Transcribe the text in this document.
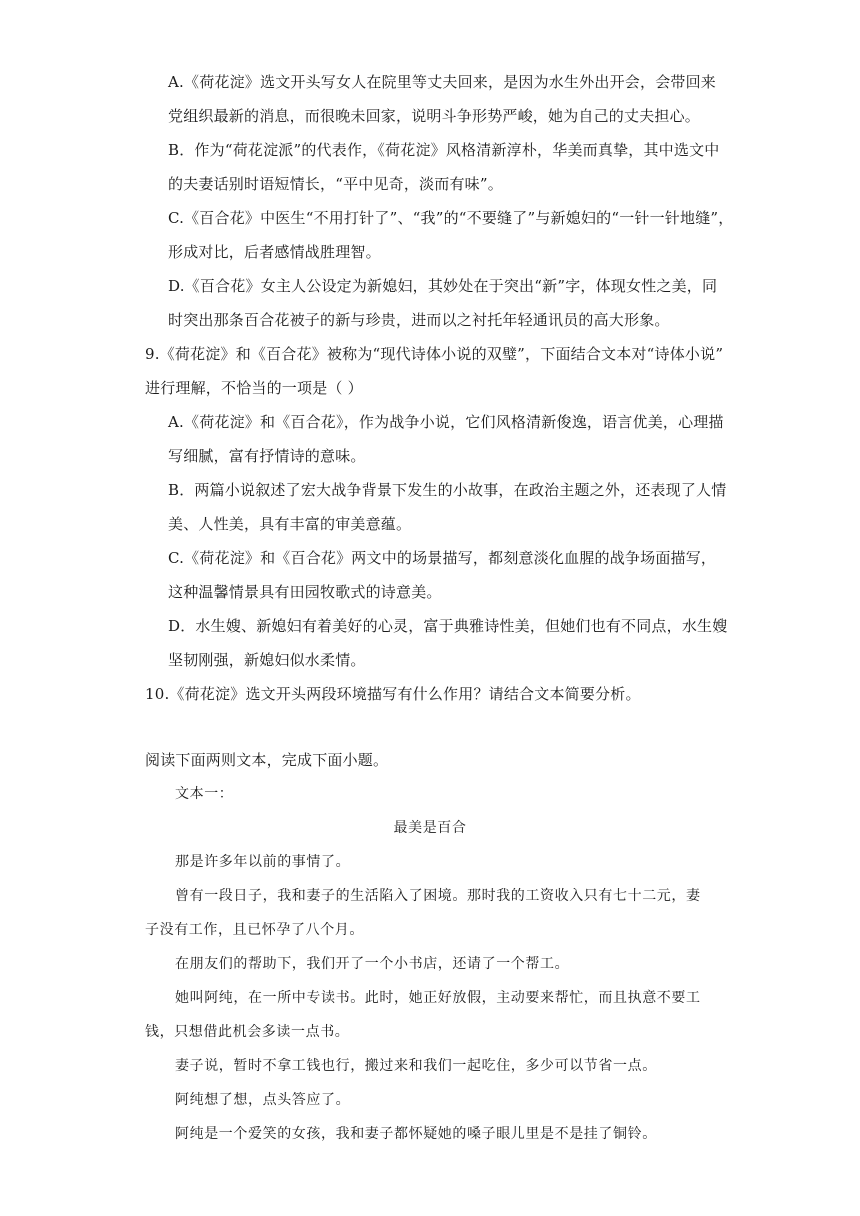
A.《荷花淀》选文开头写女人在院里等丈夫回来，是因为水生外出开会，会带回来
党组织最新的消息，而很晚未回家，说明斗争形势严峻，她为自己的丈夫担心。
B．作为“荷花淀派”的代表作，《荷花淀》风格清新淳朴，华美而真挚，其中选文中
的夫妻话别时语短情长，“平中见奇，淡而有味”。
C.《百合花》中医生“不用打针了”、“我”的“不要缝了”与新媳妇的“一针一针地缝”，
形成对比，后者感情战胜理智。
D.《百合花》女主人公设定为新媳妇，其妙处在于突出“新”字，体现女性之美，同
时突出那条百合花被子的新与珍贵，进而以之衬托年轻通讯员的高大形象。
9.《荷花淀》和《百合花》被称为“现代诗体小说的双璧”，下面结合文本对“诗体小说”
进行理解，不恰当的一项是（ ）
A.《荷花淀》和《百合花》，作为战争小说，它们风格清新俊逸，语言优美，心理描
写细腻，富有抒情诗的意味。
B．两篇小说叙述了宏大战争背景下发生的小故事，在政治主题之外，还表现了人情
美、人性美，具有丰富的审美意蕴。
C.《荷花淀》和《百合花》两文中的场景描写，都刻意淡化血腥的战争场面描写，
这种温馨情景具有田园牧歌式的诗意美。
D．水生嫂、新媳妇有着美好的心灵，富于典雅诗性美，但她们也有不同点，水生嫂
坚韧刚强，新媳妇似水柔情。
10.《荷花淀》选文开头两段环境描写有什么作用？请结合文本简要分析。
阅读下面两则文本，完成下面小题。
文本一：
最美是百合
那是许多年以前的事情了。
曾有一段日子，我和妻子的生活陷入了困境。那时我的工资收入只有七十二元，妻
子没有工作，且已怀孕了八个月。
在朋友们的帮助下，我们开了一个小书店，还请了一个帮工。
她叫阿纯，在一所中专读书。此时，她正好放假，主动要来帮忙，而且执意不要工
钱，只想借此机会多读一点书。
妻子说，暂时不拿工钱也行，搬过来和我们一起吃住，多少可以节省一点。
阿纯想了想，点头答应了。
阿纯是一个爱笑的女孩，我和妻子都怀疑她的嗓子眼儿里是不是挂了铜铃。
